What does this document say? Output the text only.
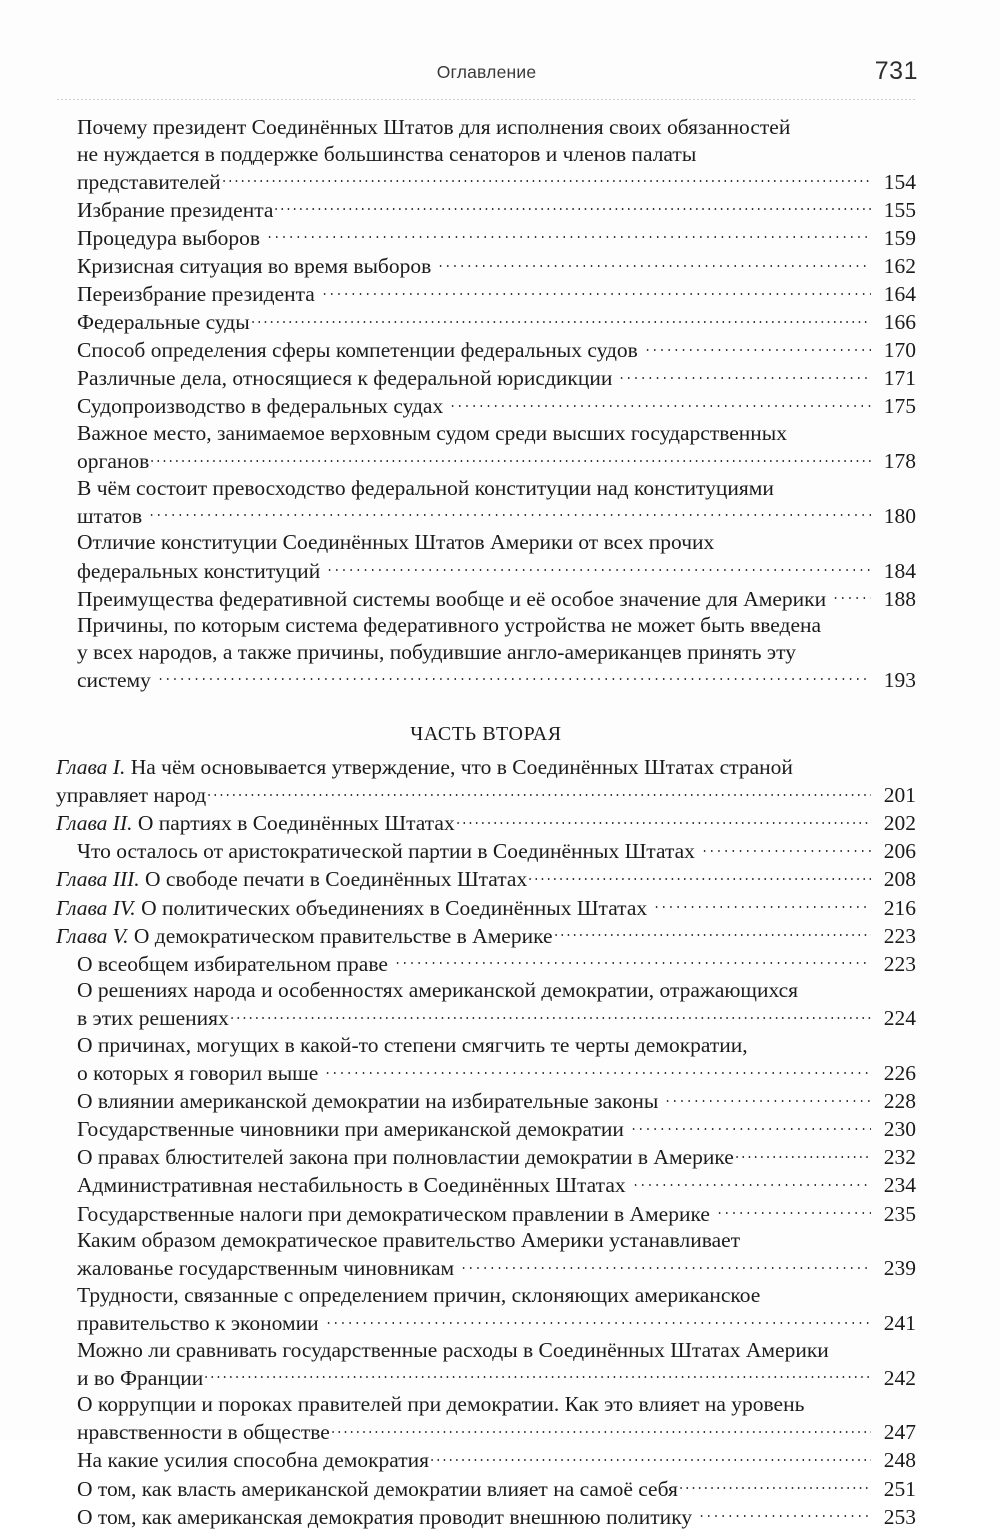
Оглавление	731
Почему президент Соединённых Штатов для исполнения своих обязанностей
не нуждается в поддержке большинства сенаторов и членов палаты
представителей	154
Избрание президента	155
Процедура выборов	159
Кризисная ситуация во время выборов	162
Переизбрание президента	164
Федеральные суды	166
Способ определения сферы компетенции федеральных судов	170
Различные дела, относящиеся к федеральной юрисдикции	171
Судопроизводство в федеральных судах	175
Важное место, занимаемое верховным судом среди высших государственных
органов	178
В чём состоит превосходство федеральной конституции над конституциями
штатов	180
Отличие конституции Соединённых Штатов Америки от всех прочих
федеральных конституций	184
Преимущества федеративной системы вообще и её особое значение для Америки	188
Причины, по которым система федеративного устройства не может быть введена
у всех народов, а также причины, побудившие англо-американцев принять эту
систему	193
ЧАСТЬ ВТОРАЯ
Глава I. На чём основывается утверждение, что в Соединённых Штатах страной
управляет народ	201
Глава II. О партиях в Соединённых Штатах	202
Что осталось от аристократической партии в Соединённых Штатах	206
Глава III. О свободе печати в Соединённых Штатах	208
Глава IV. О политических объединениях в Соединённых Штатах	216
Глава V. О демократическом правительстве в Америке	223
О всеобщем избирательном праве	223
О решениях народа и особенностях американской демократии, отражающихся
в этих решениях	224
О причинах, могущих в какой-то степени смягчить те черты демократии,
о которых я говорил выше	226
О влиянии американской демократии на избирательные законы	228
Государственные чиновники при американской демократии	230
О правах блюстителей закона при полновластии демократии в Америке	232
Административная нестабильность в Соединённых Штатах	234
Государственные налоги при демократическом правлении в Америке	235
Каким образом демократическое правительство Америки устанавливает
жалованье государственным чиновникам	239
Трудности, связанные с определением причин, склоняющих американское
правительство к экономии	241
Можно ли сравнивать государственные расходы в Соединённых Штатах Америки
и во Франции	242
О коррупции и пороках правителей при демократии. Как это влияет на уровень
нравственности в обществе	247
На какие усилия способна демократия	248
О том, как власть американской демократии влияет на самоё себя	251
О том, как американская демократия проводит внешнюю политику	253
